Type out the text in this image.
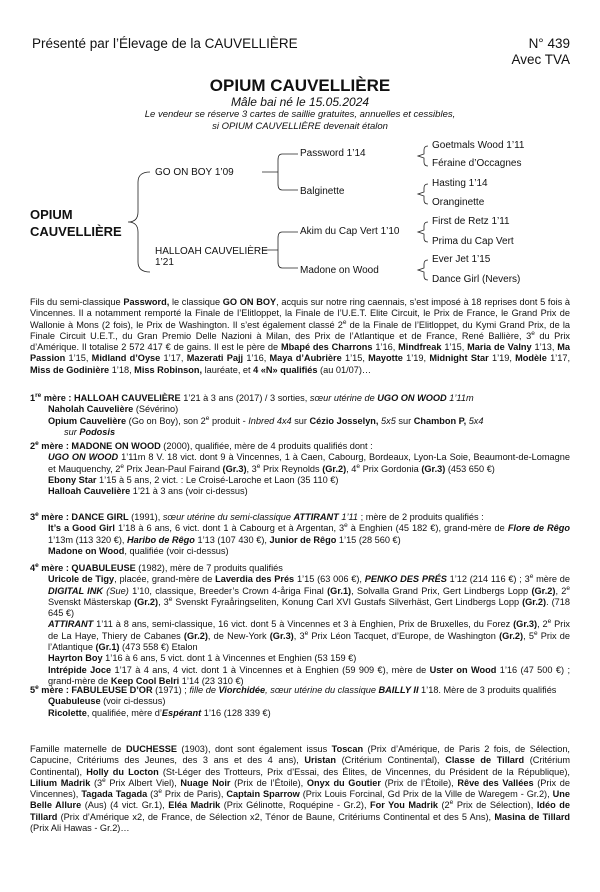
Présenté par l’Élevage de la CAUVELLIÈRE	N° 439
Avec TVA
OPIUM CAUVELLIÈRE
Mâle bai né le 15.05.2024
Le vendeur se réserve 3 cartes de saillie gratuites, annuelles et cessibles,
si OPIUM CAUVELLIÈRE devenait étalon
OPIUM
CAUVELLIÈRE
GO ON BOY 1’09
HALLOAH CAUVELIÈRE
1’21
Password 1’14
Balginette
Akim du Cap Vert 1’10
Madone on Wood
Goetmals Wood 1’11
Féraine d’Occagnes
Hasting 1’14
Oranginette
First de Retz 1’11
Prima du Cap Vert
Ever Jet 1’15
Dance Girl (Nevers)
Fils du semi-classique Password, le classique GO ON BOY, acquis sur notre ring caennais, s’est imposé à 18 reprises dont 5 fois à Vincennes. Il a notamment remporté la Finale de l’Elitloppet, la Finale de l’U.E.T. Elite Circuit, le Prix de France, le Grand Prix de Wallonie à Mons (2 fois), le Prix de Washington. Il s’est également classé 2e de la Finale de l’Elitloppet, du Kymi Grand Prix, de la Finale Circuit U.E.T., du Gran Premio Delle Nazioni à Milan, des Prix de l’Atlantique et de France, René Ballière, 3e du Prix d’Amérique. Il totalise 2 572 417 € de gains. Il est le père de Mbapé des Charrons 1’16, Mindfreak 1’15, Maria de Valny 1’13, Ma Passion 1’15, Midland d’Oyse 1’17, Mazerati Pajj 1’16, Maya d’Aubrière 1’15, Mayotte 1’19, Midnight Star 1’19, Modèle 1’17, Miss de Godinière 1’18, Miss Robinson, lauréate, et 4 «N» qualifiés (au 01/07)…

1re mère : HALLOAH CAUVELIÈRE 1’21 à 3 ans (2017) / 3 sorties, sœur utérine de UGO ON WOOD 1’11m

Naholah Cauvelière (Sévérino)

Opium Cauvelière (Go on Boy), son 2e produit - Inbred 4x4 sur Cézio Josselyn, 5x5 sur Chambon P, 5x4

sur Podosis

2e mère : MADONE ON WOOD (2000), qualifiée, mère de 4 produits qualifiés dont :

UGO ON WOOD 1’11m 8 V. 18 vict. dont 9 à Vincennes, 1 à Caen, Cabourg, Bordeaux, Lyon-La Soie, Beaumont-de-Lomagne et Mauquenchy, 2e Prix Jean-Paul Fairand (Gr.3), 3e Prix Reynolds (Gr.2), 4e Prix Gordonia (Gr.3) (453 650 €)

Ebony Star 1’15 à 5 ans, 2 vict. : Le Croisé-Laroche et Laon (35 110 €)

Halloah Cauvelière 1’21 à 3 ans (voir ci-dessus)

3e mère : DANCE GIRL (1991), sœur utérine du semi-classique ATTIRANT 1’11 ; mère de 2 produits qualifiés :

It’s a Good Girl 1’18 à 6 ans, 6 vict. dont 1 à Cabourg et à Argentan, 3e à Enghien (45 182 €), grand-mère de Flore de Rêgo 1’13m (113 320 €), Haribo de Rêgo 1’13 (107 430 €), Junior de Rêgo 1’15 (28 560 €)

Madone on Wood, qualifiée (voir ci-dessus)

4e mère : QUABULEUSE (1982), mère de 7 produits qualifiés

Uricole de Tigy, placée, grand-mère de Laverdia des Prés 1’15 (63 006 €), PENKO DES PRÉS 1’12 (214 116 €) ; 3e mère de DIGITAL INK (Sue) 1’10, classique, Breeder’s Crown 4-åriga Final (Gr.1), Solvalla Grand Prix, Gert Lindbergs Lopp (Gr.2), 2e Svenskt Mästerskap (Gr.2), 3e Svenskt Fyraåringseliten, Konung Carl XVI Gustafs Silverhäst, Gert Lindbergs Lopp (Gr.2). (718 645 €)

ATTIRANT 1’11 à 8 ans, semi-classique, 16 vict. dont 5 à Vincennes et 3 à Enghien, Prix de Bruxelles, du Forez (Gr.3), 2e Prix de La Haye, Thiery de Cabanes (Gr.2), de New-York (Gr.3), 3e Prix Léon Tacquet, d’Europe, de Washington (Gr.2), 5e Prix de l’Atlantique (Gr.1) (473 558 €) Etalon

Hayrton Boy 1’16 à 6 ans, 5 vict. dont 1 à Vincennes et Enghien (53 159 €)

Intrépide Joce 1’17 à 4 ans, 4 vict. dont 1 à Vincennes et à Enghien (59 909 €), mère de Uster on Wood 1’16 (47 500 €) ; grand-mère de Keep Cool Belri 1’14 (23 310 €)

5e mère : FABULEUSE D’OR (1971) ; fille de Viorchidée, sœur utérine du classique BAILLY II 1’18. Mère de 3 produits qualifiés

Quabuleuse (voir ci-dessus)

Ricolette, qualifiée, mère d’Espérant 1’16 (128 339 €)

Famille maternelle de DUCHESSE (1903), dont sont également issus Toscan (Prix d’Amérique, de Paris 2 fois, de Sélection, Capucine, Critériums des Jeunes, des 3 ans et des 4 ans), Uristan (Critérium Continental), Classe de Tillard (Critérium Continental), Holly du Locton (St-Léger des Trotteurs, Prix d’Essai, des Élites, de Vincennes, du Président de la République), Lilium Madrik (3e Prix Albert Viel), Nuage Noir (Prix de l’Étoile), Onyx du Goutier (Prix de l’Étoile), Rêve des Vallées (Prix de Vincennes), Tagada Tagada (3e Prix de Paris), Captain Sparrow (Prix Louis Forcinal, Gd Prix de la Ville de Waregem - Gr.2), Une Belle Allure (Aus) (4 vict. Gr.1), Eléa Madrik (Prix Gélinotte, Roquépine - Gr.2), For You Madrik (2e Prix de Sélection), Idéo de Tillard (Prix d’Amérique x2, de France, de Sélection x2, Ténor de Baune, Critériums Continental et des 5 Ans), Masina de Tillard (Prix Ali Hawas - Gr.2)…
